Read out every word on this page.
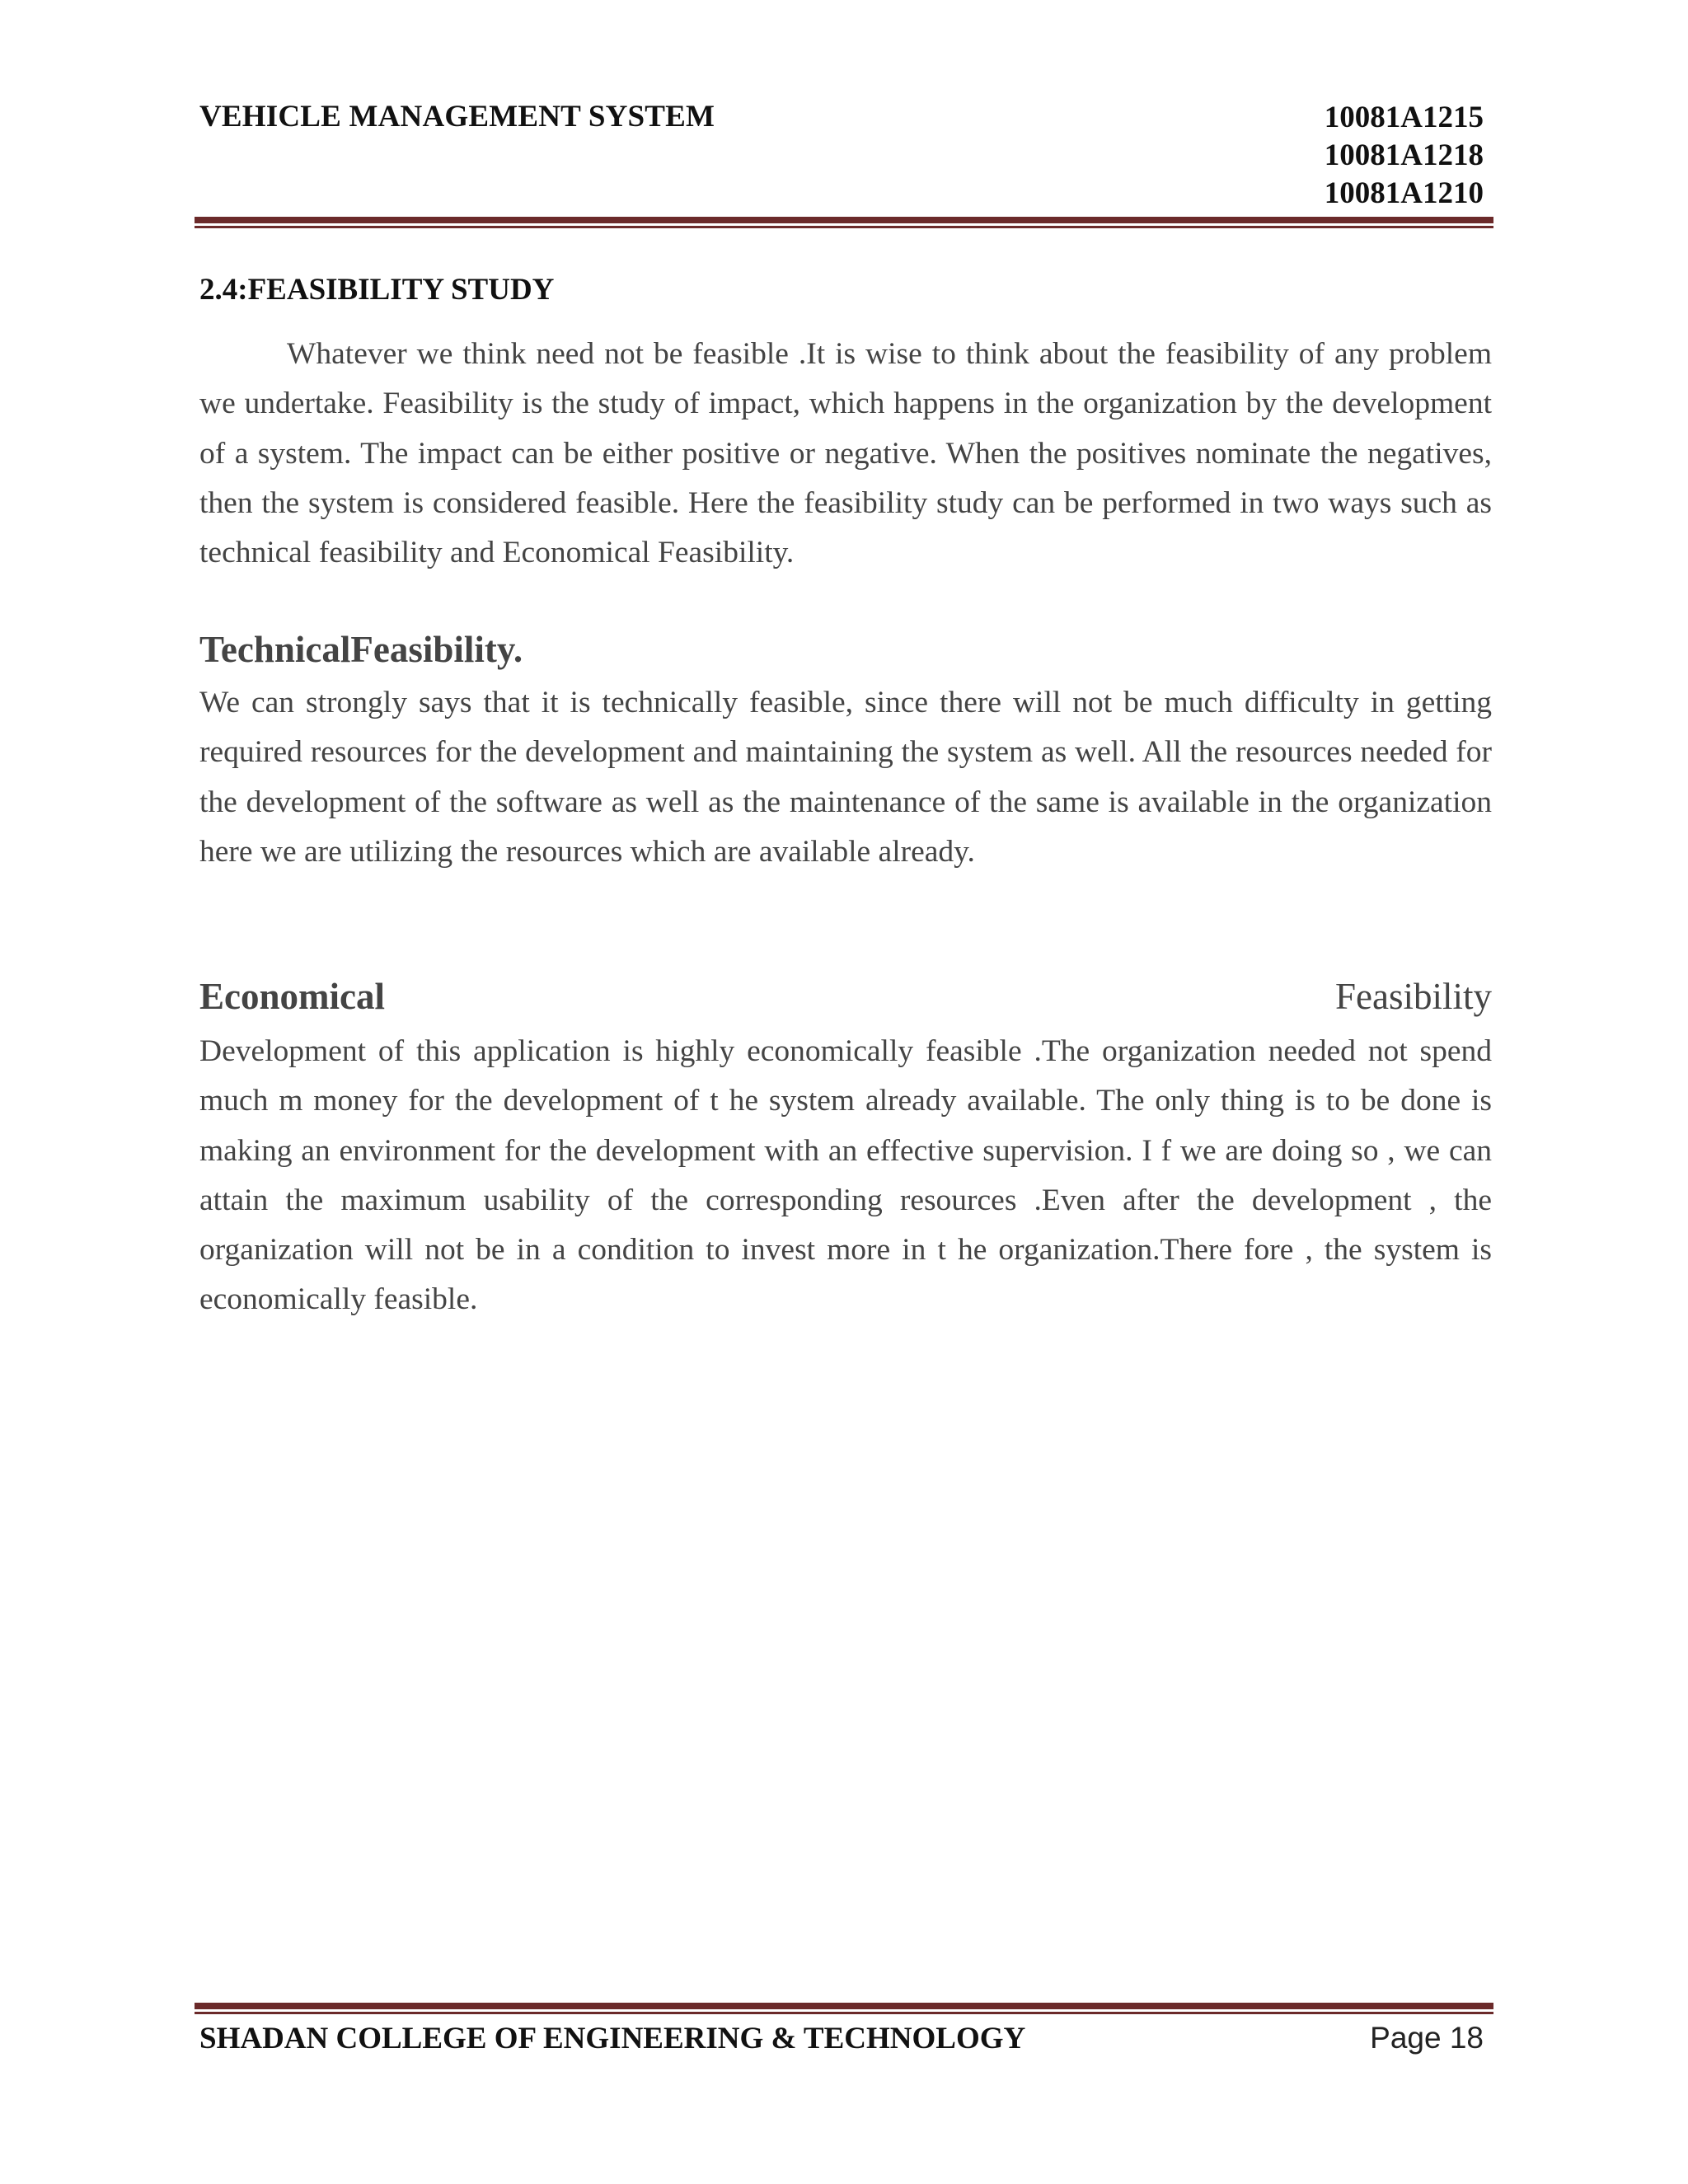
VEHICLE MANAGEMENT SYSTEM	10081A1215
10081A1218
10081A1210
2.4:FEASIBILITY STUDY

Whatever we think need not be feasible .It is wise to think about the feasibility of any problem we undertake. Feasibility is the study of impact, which happens in the organization by the development of a system. The impact can be either positive or negative. When the positives nominate the negatives, then the system is considered feasible. Here the feasibility study can be performed in two ways such as technical feasibility and Economical Feasibility.

TechnicalFeasibility.

We can strongly says that it is technically feasible, since there will not be much difficulty in getting required resources for the development and maintaining the system as well. All the resources needed for the development of the software as well as the maintenance of the same is available in the organization here we are utilizing the resources which are available already.

Economical	Feasibility

Development of this application is highly economically feasible .The organization needed not spend much m money for the development of t he system already available. The only thing is to be done is making an environment for the development with an effective supervision. I f we are doing so , we can attain the maximum usability of the corresponding resources .Even after the development , the organization will not be in a condition to invest more in t he organization.There fore , the system is economically feasible.

SHADAN COLLEGE OF ENGINEERING & TECHNOLOGY	Page 18
